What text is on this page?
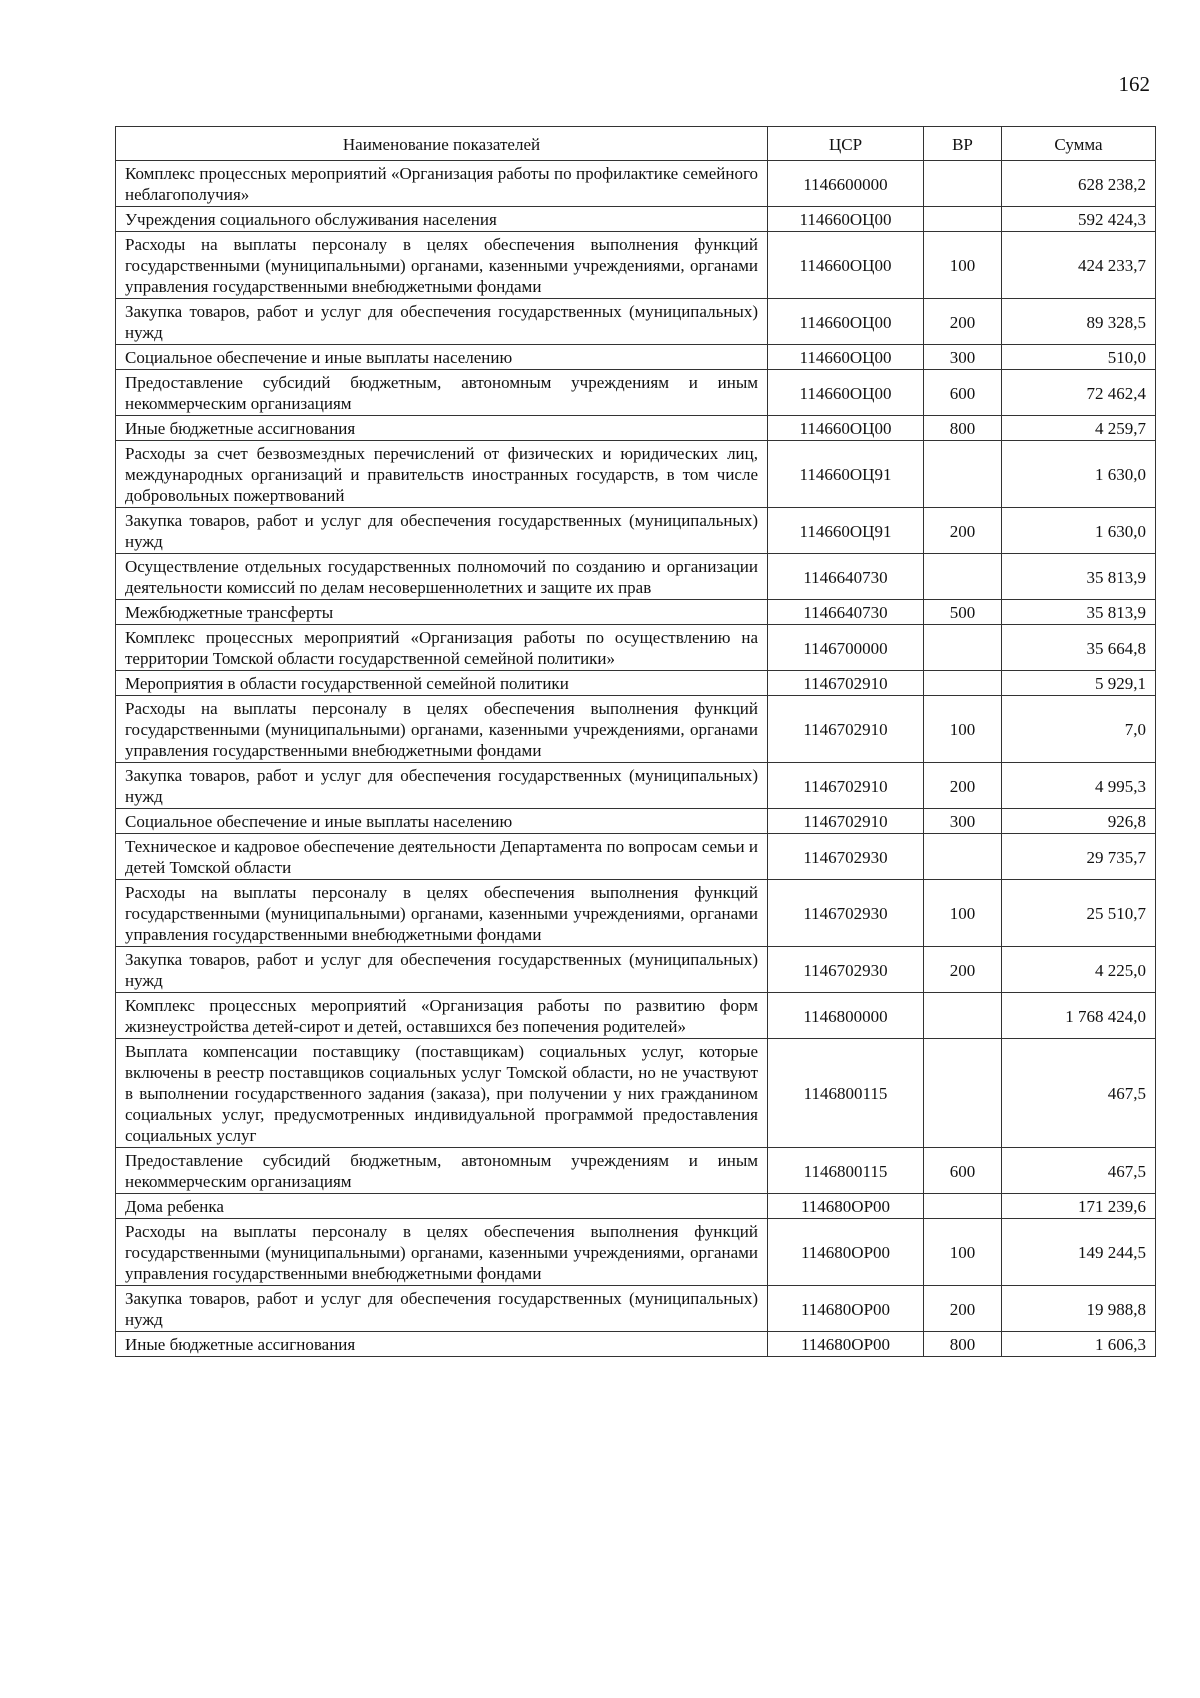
162
Наименование показателей	ЦСР	ВР	Сумма
Комплекс процессных мероприятий «Организация работы по профилактике семейного неблагополучия»	1146600000		628 238,2
Учреждения социального обслуживания населения	114660ОЦ00		592 424,3
Расходы на выплаты персоналу в целях обеспечения выполнения функций государственными (муниципальными) органами, казенными учреждениями, органами управления государственными внебюджетными фондами	114660ОЦ00	100	424 233,7
Закупка товаров, работ и услуг для обеспечения государственных (муниципальных) нужд	114660ОЦ00	200	89 328,5
Социальное обеспечение и иные выплаты населению	114660ОЦ00	300	510,0
Предоставление субсидий бюджетным, автономным учреждениям и иным некоммерческим организациям	114660ОЦ00	600	72 462,4
Иные бюджетные ассигнования	114660ОЦ00	800	4 259,7
Расходы за счет безвозмездных перечислений от физических и юридических лиц, международных организаций и правительств иностранных государств, в том числе добровольных пожертвований	114660ОЦ91		1 630,0
Закупка товаров, работ и услуг для обеспечения государственных (муниципальных) нужд	114660ОЦ91	200	1 630,0
Осуществление отдельных государственных полномочий по созданию и организации деятельности комиссий по делам несовершеннолетних и защите их прав	1146640730		35 813,9
Межбюджетные трансферты	1146640730	500	35 813,9
Комплекс процессных мероприятий «Организация работы по осуществлению на территории Томской области государственной семейной политики»	1146700000		35 664,8
Мероприятия в области государственной семейной политики	1146702910		5 929,1
Расходы на выплаты персоналу в целях обеспечения выполнения функций государственными (муниципальными) органами, казенными учреждениями, органами управления государственными внебюджетными фондами	1146702910	100	7,0
Закупка товаров, работ и услуг для обеспечения государственных (муниципальных) нужд	1146702910	200	4 995,3
Социальное обеспечение и иные выплаты населению	1146702910	300	926,8
Техническое и кадровое обеспечение деятельности Департамента по вопросам семьи и детей Томской области	1146702930		29 735,7
Расходы на выплаты персоналу в целях обеспечения выполнения функций государственными (муниципальными) органами, казенными учреждениями, органами управления государственными внебюджетными фондами	1146702930	100	25 510,7
Закупка товаров, работ и услуг для обеспечения государственных (муниципальных) нужд	1146702930	200	4 225,0
Комплекс процессных мероприятий «Организация работы по развитию форм жизнеустройства детей-сирот и детей, оставшихся без попечения родителей»	1146800000		1 768 424,0
Выплата компенсации поставщику (поставщикам) социальных услуг, которые включены в реестр поставщиков социальных услуг Томской области, но не участвуют в выполнении государственного задания (заказа), при получении у них гражданином социальных услуг, предусмотренных индивидуальной программой предоставления социальных услуг	1146800115		467,5
Предоставление субсидий бюджетным, автономным учреждениям и иным некоммерческим организациям	1146800115	600	467,5
Дома ребенка	114680ОР00		171 239,6
Расходы на выплаты персоналу в целях обеспечения выполнения функций государственными (муниципальными) органами, казенными учреждениями, органами управления государственными внебюджетными фондами	114680ОР00	100	149 244,5
Закупка товаров, работ и услуг для обеспечения государственных (муниципальных) нужд	114680ОР00	200	19 988,8
Иные бюджетные ассигнования	114680ОР00	800	1 606,3
